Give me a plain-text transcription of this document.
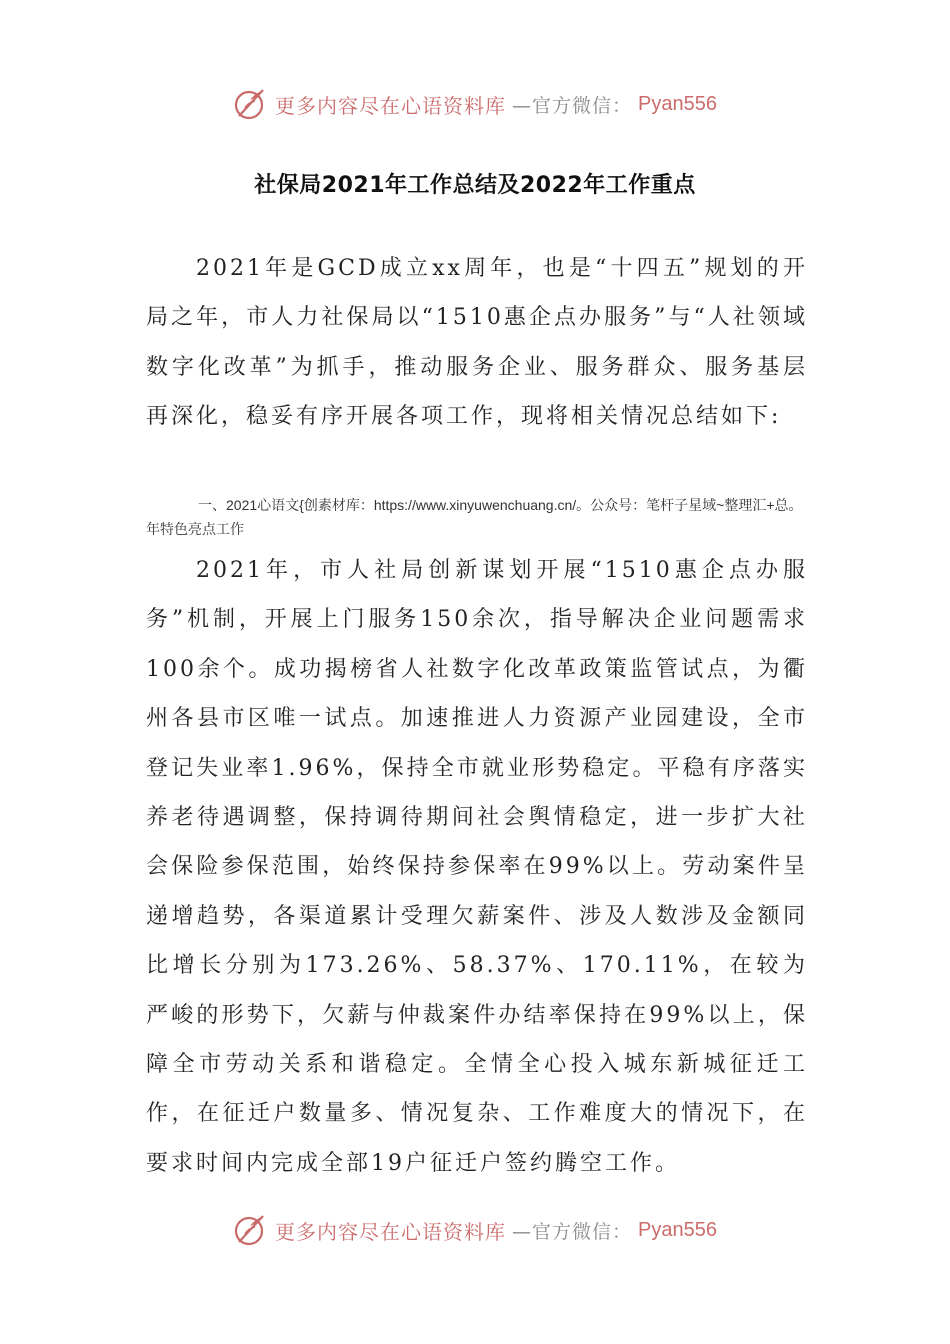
更多内容尽在心语资料库 —官方微信： Pyan556
社保局2021年工作总结及2022年工作重点
2021年是GCD成立xx周年，也是“十四五”规划的开局之年，市人力社保局以“1510惠企点办服务”与“人社领域数字化改革”为抓手，推动服务企业、服务群众、服务基层再深化，稳妥有序开展各项工作，现将相关情况总结如下:
一、2021心语文{创素材库：https://www.xinyuwenchuang.cn/。公众号：笔杆子星域~整理汇+总。年特色亮点工作
2021年，市人社局创新谋划开展“1510惠企点办服务”机制，开展上门服务150余次，指导解决企业问题需求100余个。成功揭榜省人社数字化改革政策监管试点，为衢州各县市区唯一试点。加速推进人力资源产业园建设，全市登记失业率1.96%，保持全市就业形势稳定。平稳有序落实养老待遇调整，保持调待期间社会舆情稳定，进一步扩大社会保险参保范围，始终保持参保率在99%以上。劳动案件呈递增趋势，各渠道累计受理欠薪案件、涉及人数涉及金额同比增长分别为173.26%、58.37%、170.11%，在较为严峻的形势下，欠薪与仲裁案件办结率保持在99%以上，保障全市劳动关系和谐稳定。全情全心投入城东新城征迁工作，在征迁户数量多、情况复杂、工作难度大的情况下，在要求时间内完成全部19户征迁户签约腾空工作。
更多内容尽在心语资料库 —官方微信： Pyan556
